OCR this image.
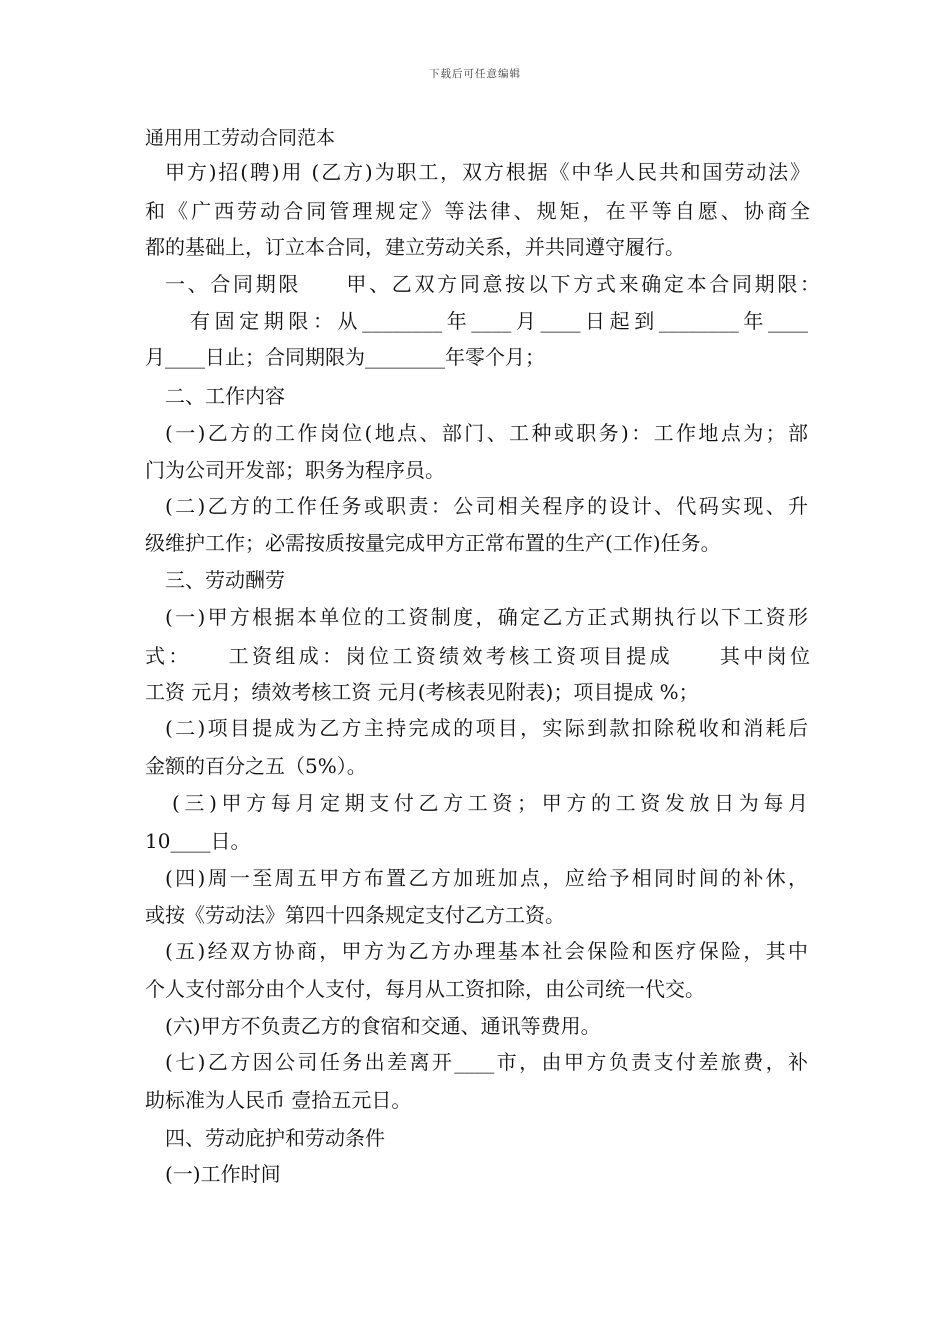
下载后可任意编辑
通用用工劳动合同范本
甲方)招(聘)用 (乙方)为职工，双方根据《中华人民共和国劳动法》
和《广西劳动合同管理规定》等法律、规矩，在平等自愿、协商全
都的基础上，订立本合同，建立劳动关系，并共同遵守履行。
一、合同期限　　甲、乙双方同意按以下方式来确定本合同期限：
有固定期限：从________年____月____日起到________年____
月____日止；合同期限为________年零个月；
二、工作内容
(一)乙方的工作岗位(地点、部门、工种或职务)：工作地点为；部
门为公司开发部；职务为程序员。
(二)乙方的工作任务或职责：公司相关程序的设计、代码实现、升
级维护工作；必需按质按量完成甲方正常布置的生产(工作)任务。
三、劳动酬劳
(一)甲方根据本单位的工资制度，确定乙方正式期执行以下工资形
式：　　工资组成：岗位工资绩效考核工资项目提成　　其中岗位
工资 元月；绩效考核工资 元月(考核表见附表)；项目提成 %；
(二)项目提成为乙方主持完成的项目，实际到款扣除税收和消耗后
金额的百分之五（5%）。
(三)甲方每月定期支付乙方工资；甲方的工资发放日为每月
10____日。
(四)周一至周五甲方布置乙方加班加点，应给予相同时间的补休，
或按《劳动法》第四十四条规定支付乙方工资。
(五)经双方协商，甲方为乙方办理基本社会保险和医疗保险，其中
个人支付部分由个人支付，每月从工资扣除，由公司统一代交。
(六)甲方不负责乙方的食宿和交通、通讯等费用。
(七)乙方因公司任务出差离开____市，由甲方负责支付差旅费，补
助标准为人民币 壹拾五元日。
四、劳动庇护和劳动条件
(一)工作时间
